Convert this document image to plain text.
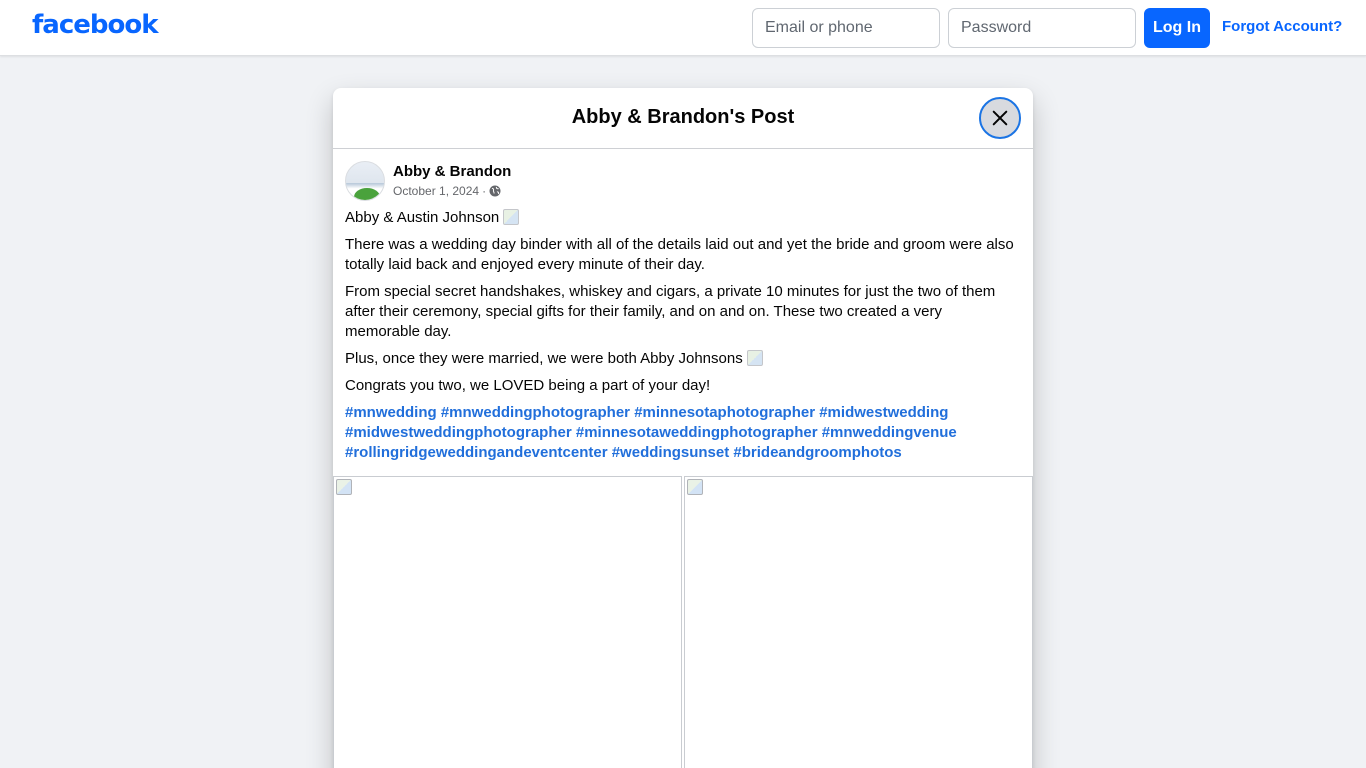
facebook
Email or phone	Log In	Forgot Account?
Abby & Brandon's Post
Abby & Brandon
October 1, 2024 ·

Abby & Austin Johnson

There was a wedding day binder with all of the details laid out and yet the bride and groom were also totally laid back and enjoyed every minute of their day.

From special secret handshakes, whiskey and cigars, a private 10 minutes for just the two of them after their ceremony, special gifts for their family, and on and on. These two created a very memorable day.

Plus, once they were married, we were both Abby Johnsons

Congrats you two, we LOVED being a part of your day!

#mnwedding #mnweddingphotographer #minnesotaphotographer #midwestwedding #midwestweddingphotographer #minnesotaweddingphotographer #mnweddingvenue #rollingridgeweddingandeventcenter #weddingsunset #brideandgroomphotos
